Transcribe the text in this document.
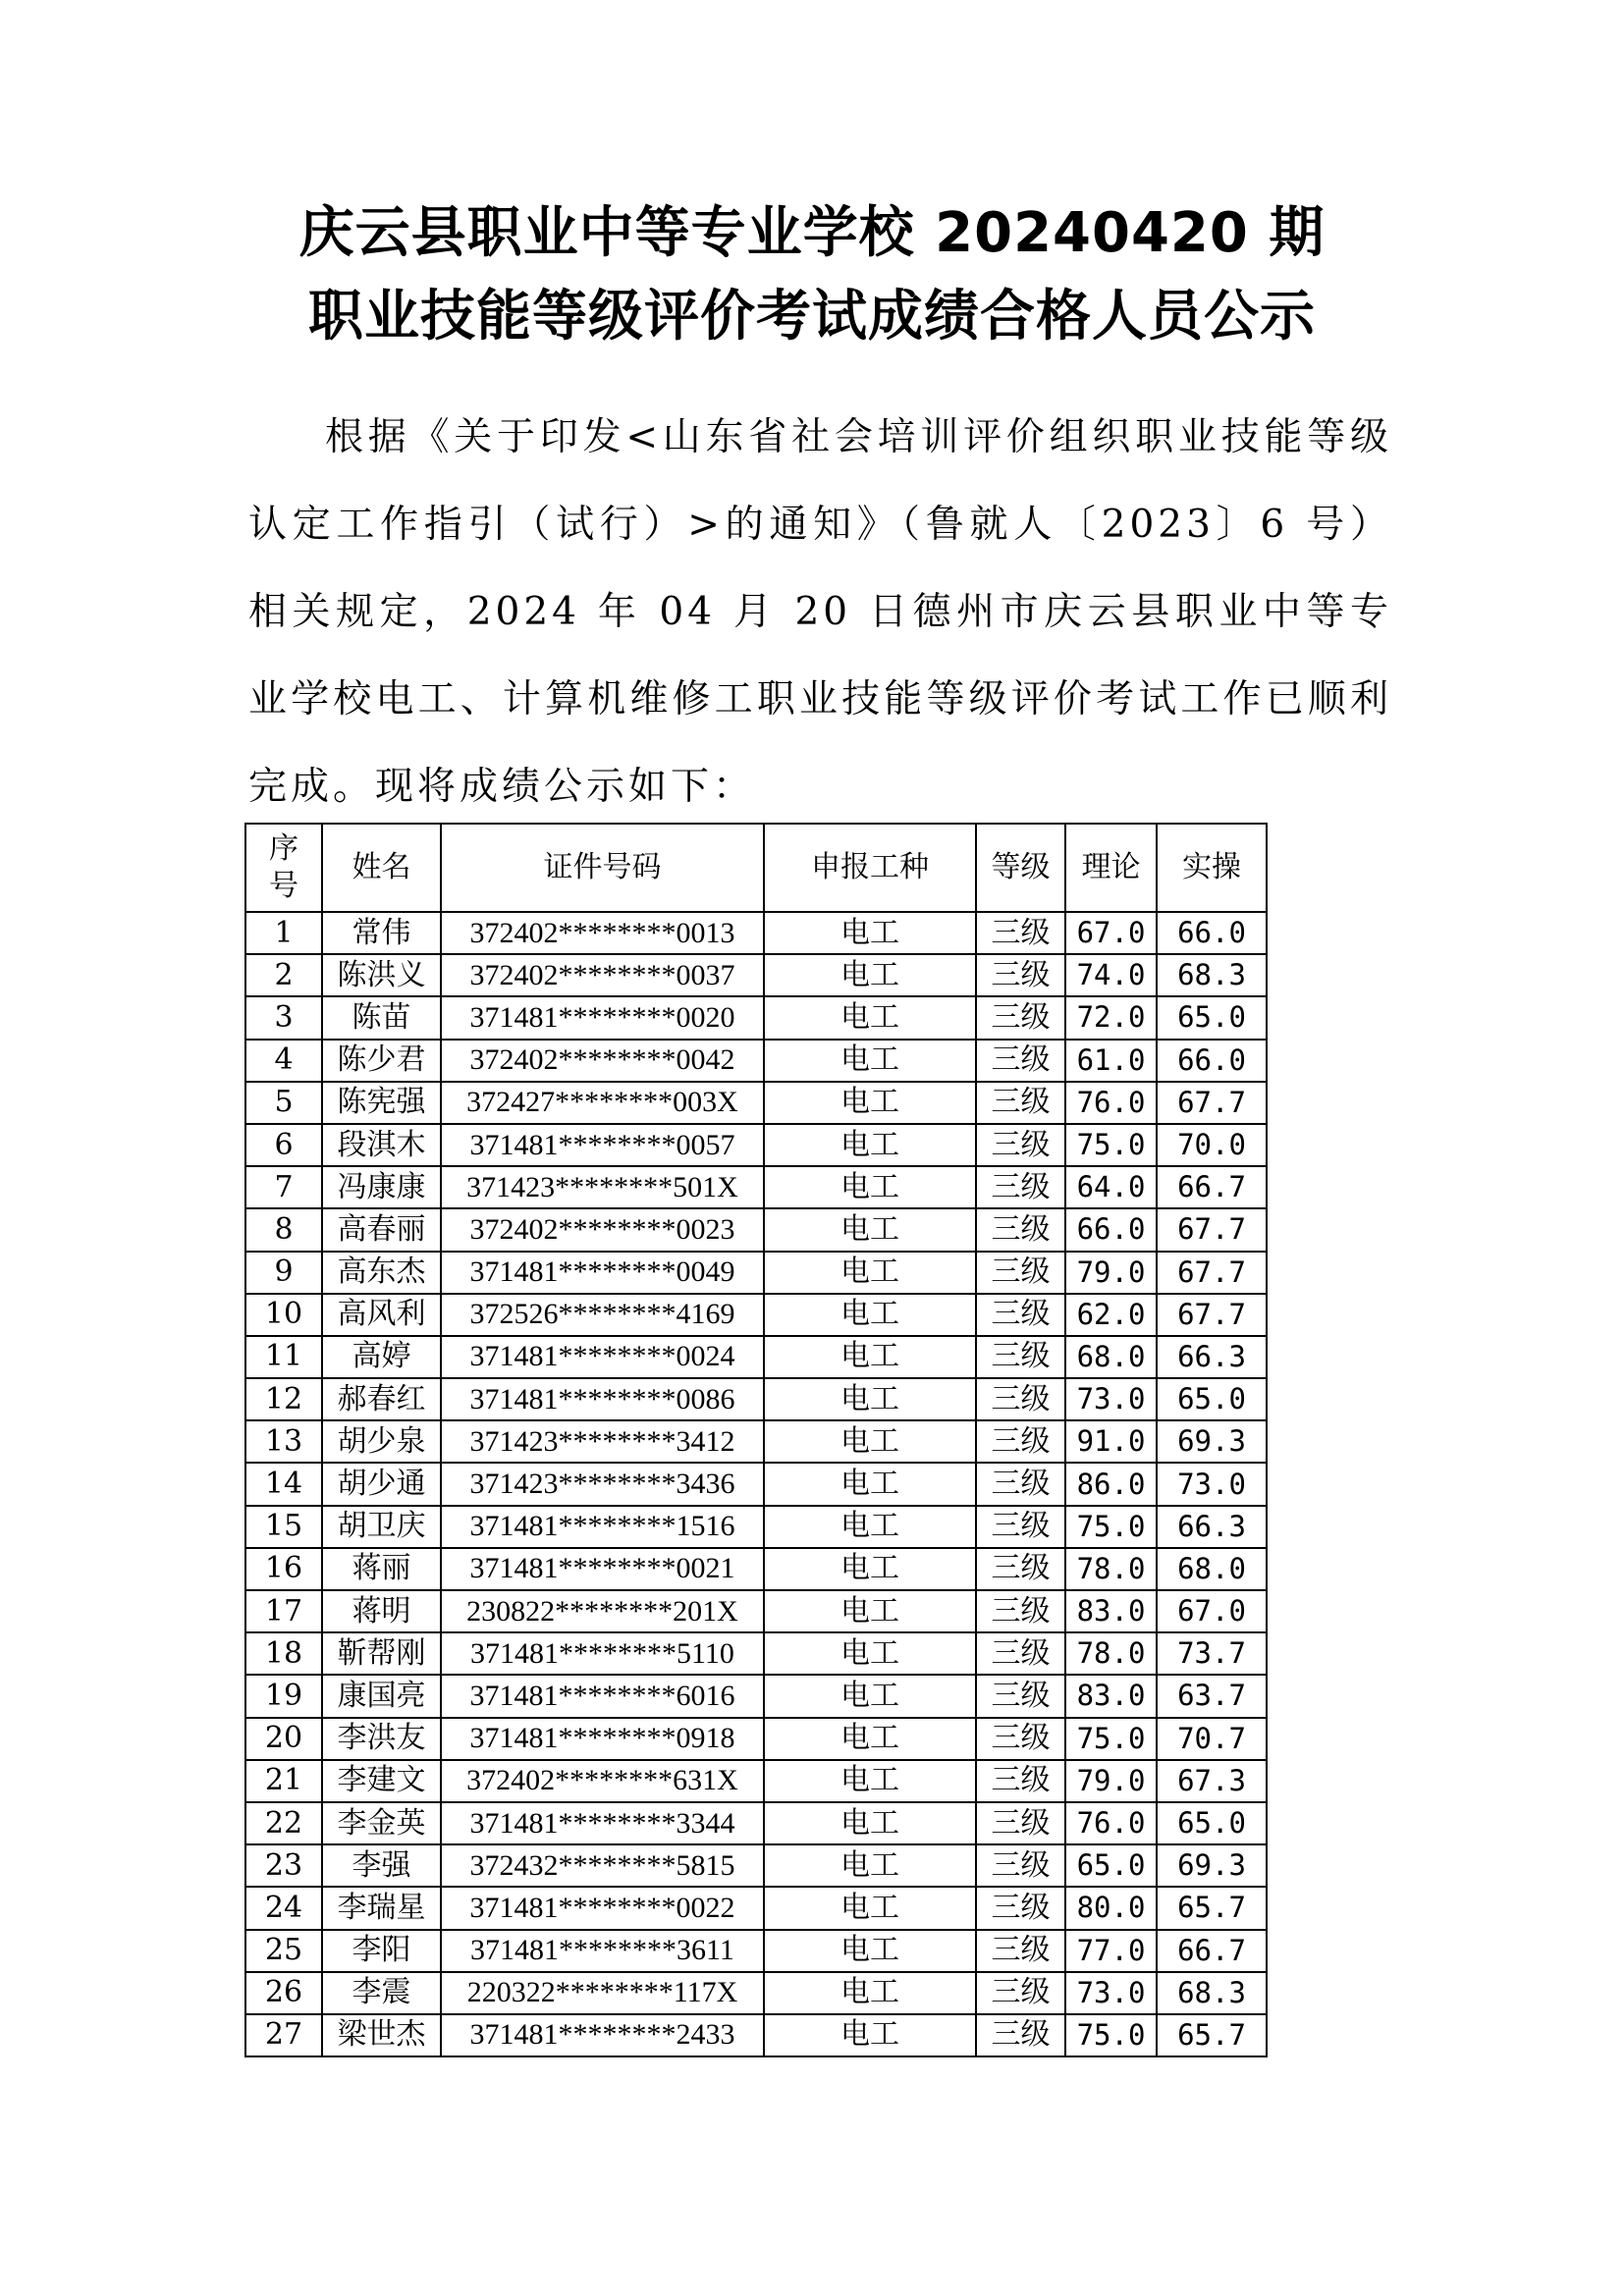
庆云县职业中等专业学校 20240420 期
职业技能等级评价考试成绩合格人员公示

根据《关于印发<山东省社会培训评价组织职业技能等级认定工作指引（试行）>的通知》（鲁就人〔2023〕6 号）相关规定，2024 年 04 月 20 日德州市庆云县职业中等专业学校电工、计算机维修工职业技能等级评价考试工作已顺利完成。现将成绩公示如下：

序
号	姓名	证件号码	申报工种	等级	理论	实操
1	常伟	372402********0013	电工	三级	67.0	66.0
2	陈洪义	372402********0037	电工	三级	74.0	68.3
3	陈苗	371481********0020	电工	三级	72.0	65.0
4	陈少君	372402********0042	电工	三级	61.0	66.0
5	陈宪强	372427********003X	电工	三级	76.0	67.7
6	段淇木	371481********0057	电工	三级	75.0	70.0
7	冯康康	371423********501X	电工	三级	64.0	66.7
8	高春丽	372402********0023	电工	三级	66.0	67.7
9	高东杰	371481********0049	电工	三级	79.0	67.7
10	高风利	372526********4169	电工	三级	62.0	67.7
11	高婷	371481********0024	电工	三级	68.0	66.3
12	郝春红	371481********0086	电工	三级	73.0	65.0
13	胡少泉	371423********3412	电工	三级	91.0	69.3
14	胡少通	371423********3436	电工	三级	86.0	73.0
15	胡卫庆	371481********1516	电工	三级	75.0	66.3
16	蒋丽	371481********0021	电工	三级	78.0	68.0
17	蒋明	230822********201X	电工	三级	83.0	67.0
18	靳帮刚	371481********5110	电工	三级	78.0	73.7
19	康国亮	371481********6016	电工	三级	83.0	63.7
20	李洪友	371481********0918	电工	三级	75.0	70.7
21	李建文	372402********631X	电工	三级	79.0	67.3
22	李金英	371481********3344	电工	三级	76.0	65.0
23	李强	372432********5815	电工	三级	65.0	69.3
24	李瑞星	371481********0022	电工	三级	80.0	65.7
25	李阳	371481********3611	电工	三级	77.0	66.7
26	李震	220322********117X	电工	三级	73.0	68.3
27	梁世杰	371481********2433	电工	三级	75.0	65.7
